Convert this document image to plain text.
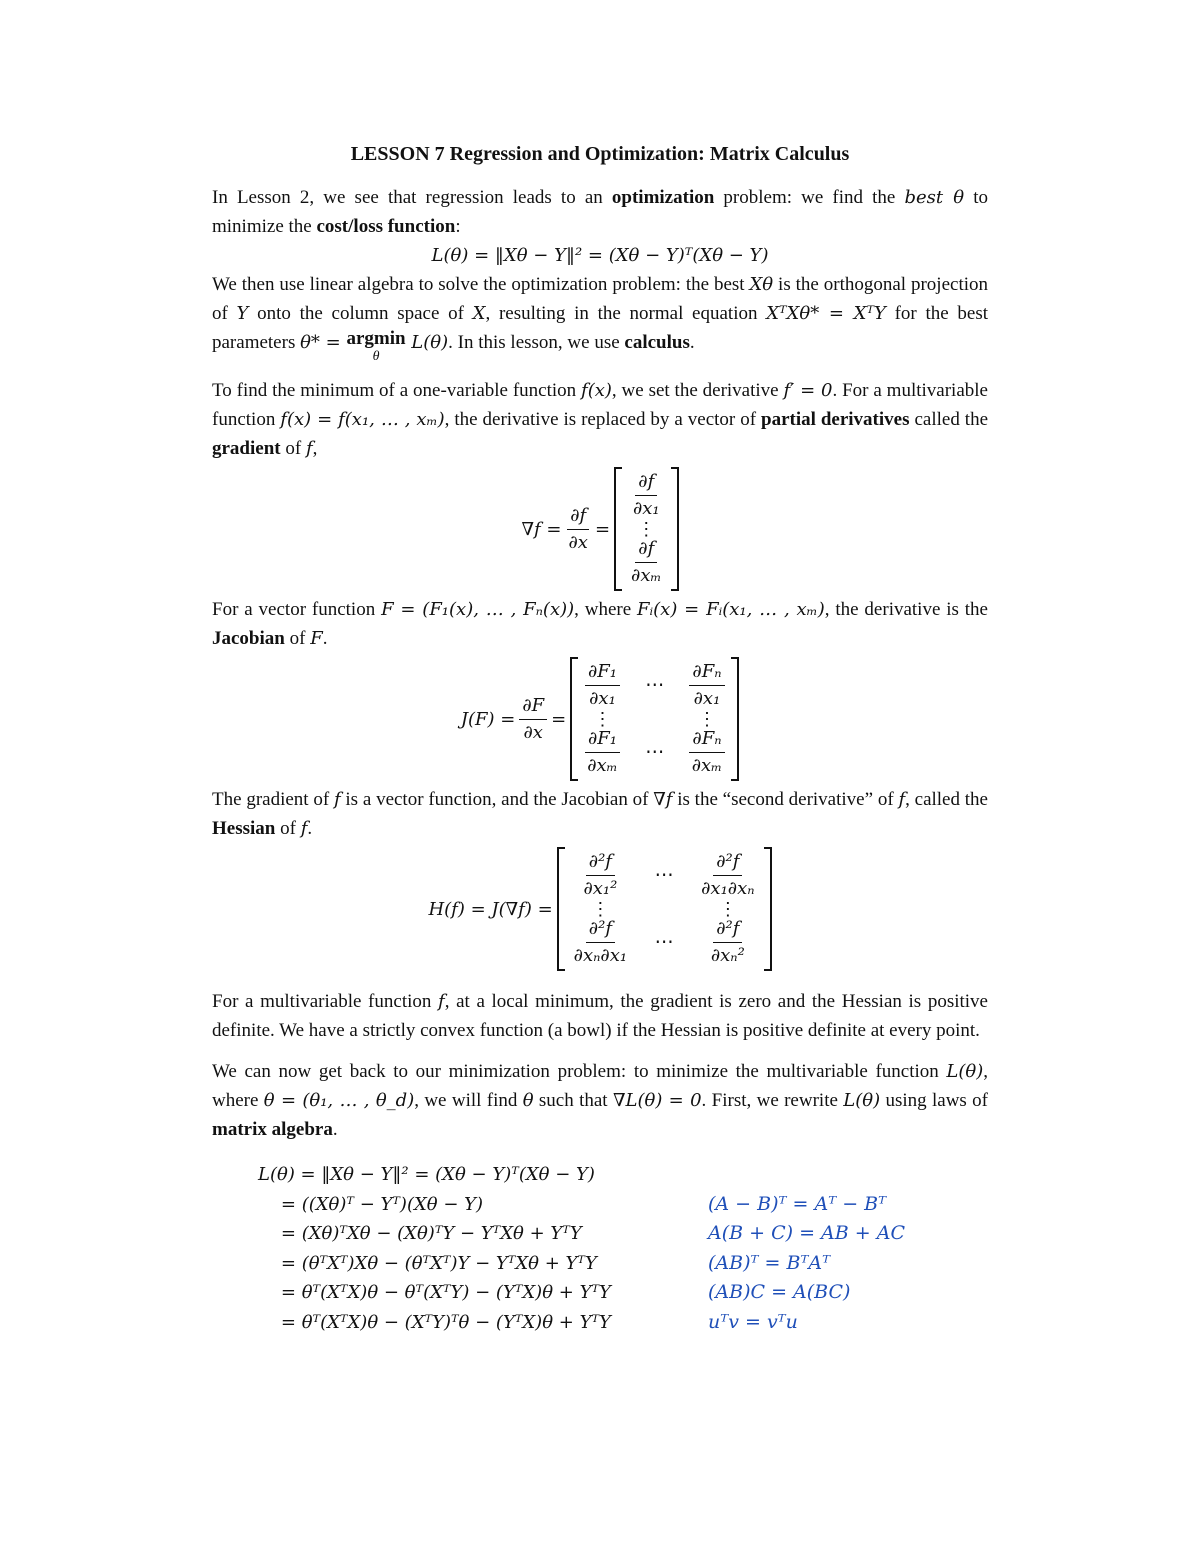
LESSON 7 Regression and Optimization: Matrix Calculus

In Lesson 2, we see that regression leads to an optimization problem: we find the best θ to minimize the cost/loss function:

L(θ) = ‖Xθ − Y‖² = (Xθ − Y)ᵀ(Xθ − Y)

We then use linear algebra to solve the optimization problem: the best Xθ is the orthogonal projection of Y onto the column space of X, resulting in the normal equation XᵀXθ* = XᵀY for the best parameters θ* = argmin
θ
L(θ). In this lesson, we use calculus.

To find the minimum of a one-variable function f(x), we set the derivative f′ = 0. For a multivariable function f(x) = f(x₁, … , xₘ), the derivative is replaced by a vector of partial derivatives called the gradient of f,

$\nabla f = \frac{\partial f}{\partial x}$ =
$\frac{\partial f}{\text{∂x₁}}$
⋮
$\frac{\partial f}{\text{∂xₘ}}$

For a vector function F = (F₁(x), … , Fₙ(x)), where Fᵢ(x) = Fᵢ(x₁, … , xₘ), the derivative is the Jacobian of F.

$J(F) = \frac{\partial F}{\partial x}$ =
$\frac{\text{∂F₁}}{\text{∂x₁}}$	⋯	$\frac{\text{∂Fₙ}}{\text{∂x₁}}$
⋮	⋮
$\frac{\text{∂F₁}}{\text{∂xₘ}}$	⋯	$\frac{\text{∂Fₙ}}{\text{∂xₘ}}$

The gradient of f is a vector function, and the Jacobian of ∇f is the “second derivative” of f, called the Hessian of f.

H(f) = J(∇f) =
$\frac{\text{∂²f}}{\text{∂x₁²}}$	⋯	$\frac{\text{∂²f}}{\text{∂x₁∂xₙ}}$
⋮	⋮
$\frac{\text{∂²f}}{\text{∂xₙ∂x₁}}$	⋯	$\frac{\text{∂²f}}{\text{∂xₙ²}}$

For a multivariable function f, at a local minimum, the gradient is zero and the Hessian is positive definite. We have a strictly convex function (a bowl) if the Hessian is positive definite at every point.

We can now get back to our minimization problem: to minimize the multivariable function L(θ), where θ = (θ₁, … , θ_d), we will find θ such that ∇L(θ) = 0. First, we rewrite L(θ) using laws of matrix algebra.

L(θ) = ‖Xθ − Y‖² = (Xθ − Y)ᵀ(Xθ − Y)
= ((Xθ)ᵀ − Yᵀ)(Xθ − Y)	(A − B)ᵀ = Aᵀ − Bᵀ
= (Xθ)ᵀXθ − (Xθ)ᵀY − YᵀXθ + YᵀY	A(B + C) = AB + AC
= (θᵀXᵀ)Xθ − (θᵀXᵀ)Y − YᵀXθ + YᵀY	(AB)ᵀ = BᵀAᵀ
= θᵀ(XᵀX)θ − θᵀ(XᵀY) − (YᵀX)θ + YᵀY	(AB)C = A(BC)
= θᵀ(XᵀX)θ − (XᵀY)ᵀθ − (YᵀX)θ + YᵀY	uᵀv = vᵀu
